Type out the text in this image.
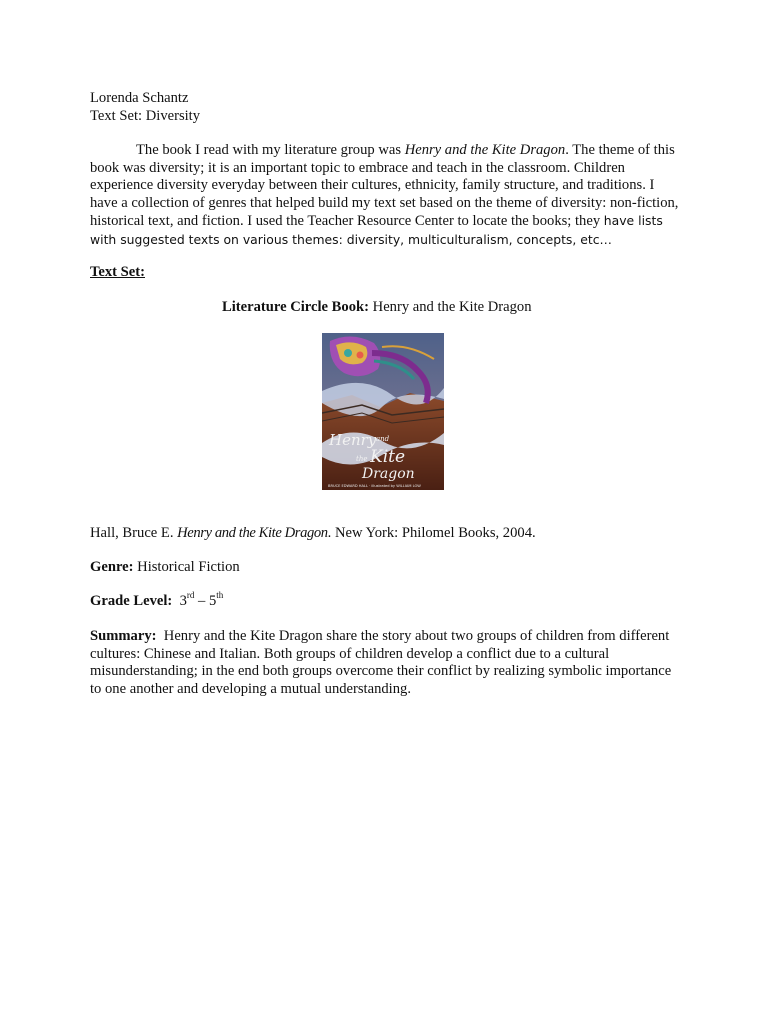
Lorenda Schantz

Text Set: Diversity

The book I read with my literature group was Henry and the Kite Dragon. The theme of this book was diversity; it is an important topic to embrace and teach in the classroom. Children experience diversity everyday between their cultures, ethnicity, family structure, and traditions. I have a collection of genres that helped build my text set based on the theme of diversity: non-fiction, historical text, and fiction. I used the Teacher Resource Center to locate the books; they have lists with suggested texts on various themes: diversity, multiculturalism, concepts, etc…

Text Set:
Literature Circle Book: Henry and the Kite Dragon
Henry and
the Kite
Dragon
BRUCE EDWARD HALL · illustrated by WILLIAM LOW
Hall, Bruce E. Henry and the Kite Dragon. New York: Philomel Books, 2004.
Genre: Historical Fiction
Grade Level: 3rd – 5th
Summary: Henry and the Kite Dragon share the story about two groups of children from different cultures: Chinese and Italian. Both groups of children develop a conflict due to a cultural misunderstanding; in the end both groups overcome their conflict by realizing symbolic importance to one another and developing a mutual understanding.
